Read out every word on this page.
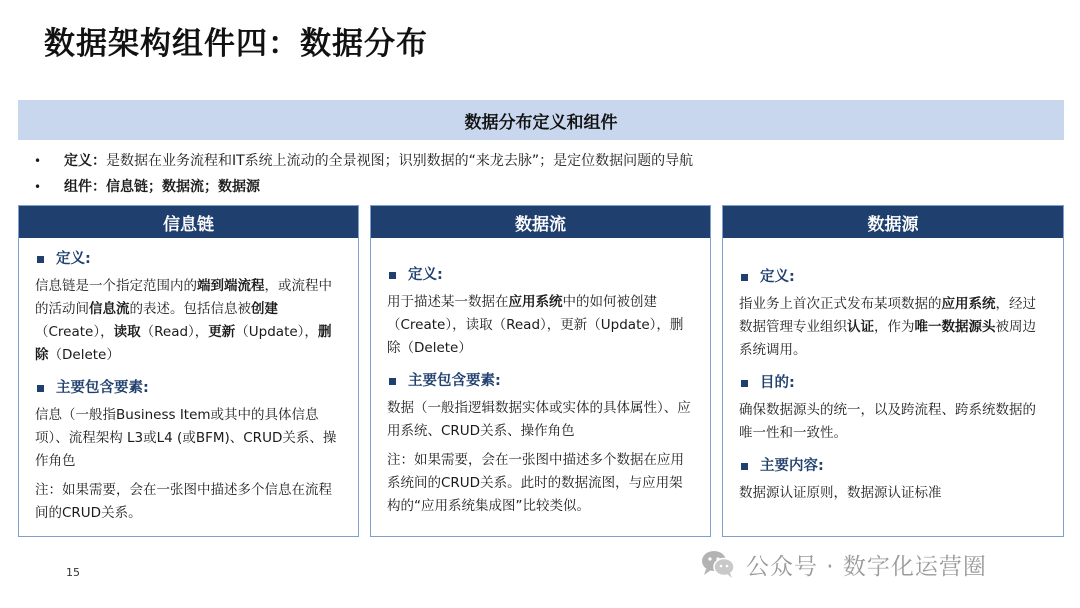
数据架构组件四：数据分布
数据分布定义和组件
•	定义：是数据在业务流程和IT系统上流动的全景视图；识别数据的“来龙去脉”；是定位数据问题的导航
•	组件：信息链；数据流；数据源
信息链
定义:
信息链是一个指定范围内的端到端流程，或流程中的活动间信息流的表述。包括信息被创建（Create），读取（Read），更新（Update），删除（Delete）
主要包含要素:
信息（一般指Business Item或其中的具体信息项）、流程架构 L3或L4 (或BFM)、CRUD关系、操作角色
注：如果需要，会在一张图中描述多个信息在流程间的CRUD关系。
数据流
定义:
用于描述某一数据在应用系统中的如何被创建（Create），读取（Read），更新（Update），删除（Delete）
主要包含要素:
数据（一般指逻辑数据实体或实体的具体属性）、应用系统、CRUD关系、操作角色
注：如果需要，会在一张图中描述多个数据在应用系统间的CRUD关系。此时的数据流图，与应用架构的“应用系统集成图”比较类似。
数据源
定义:
指业务上首次正式发布某项数据的应用系统，经过数据管理专业组织认证，作为唯一数据源头被周边系统调用。
目的:
确保数据源头的统一，以及跨流程、跨系统数据的唯一性和一致性。
主要内容:
数据源认证原则，数据源认证标准
15	公众号 · 数字化运营圈
